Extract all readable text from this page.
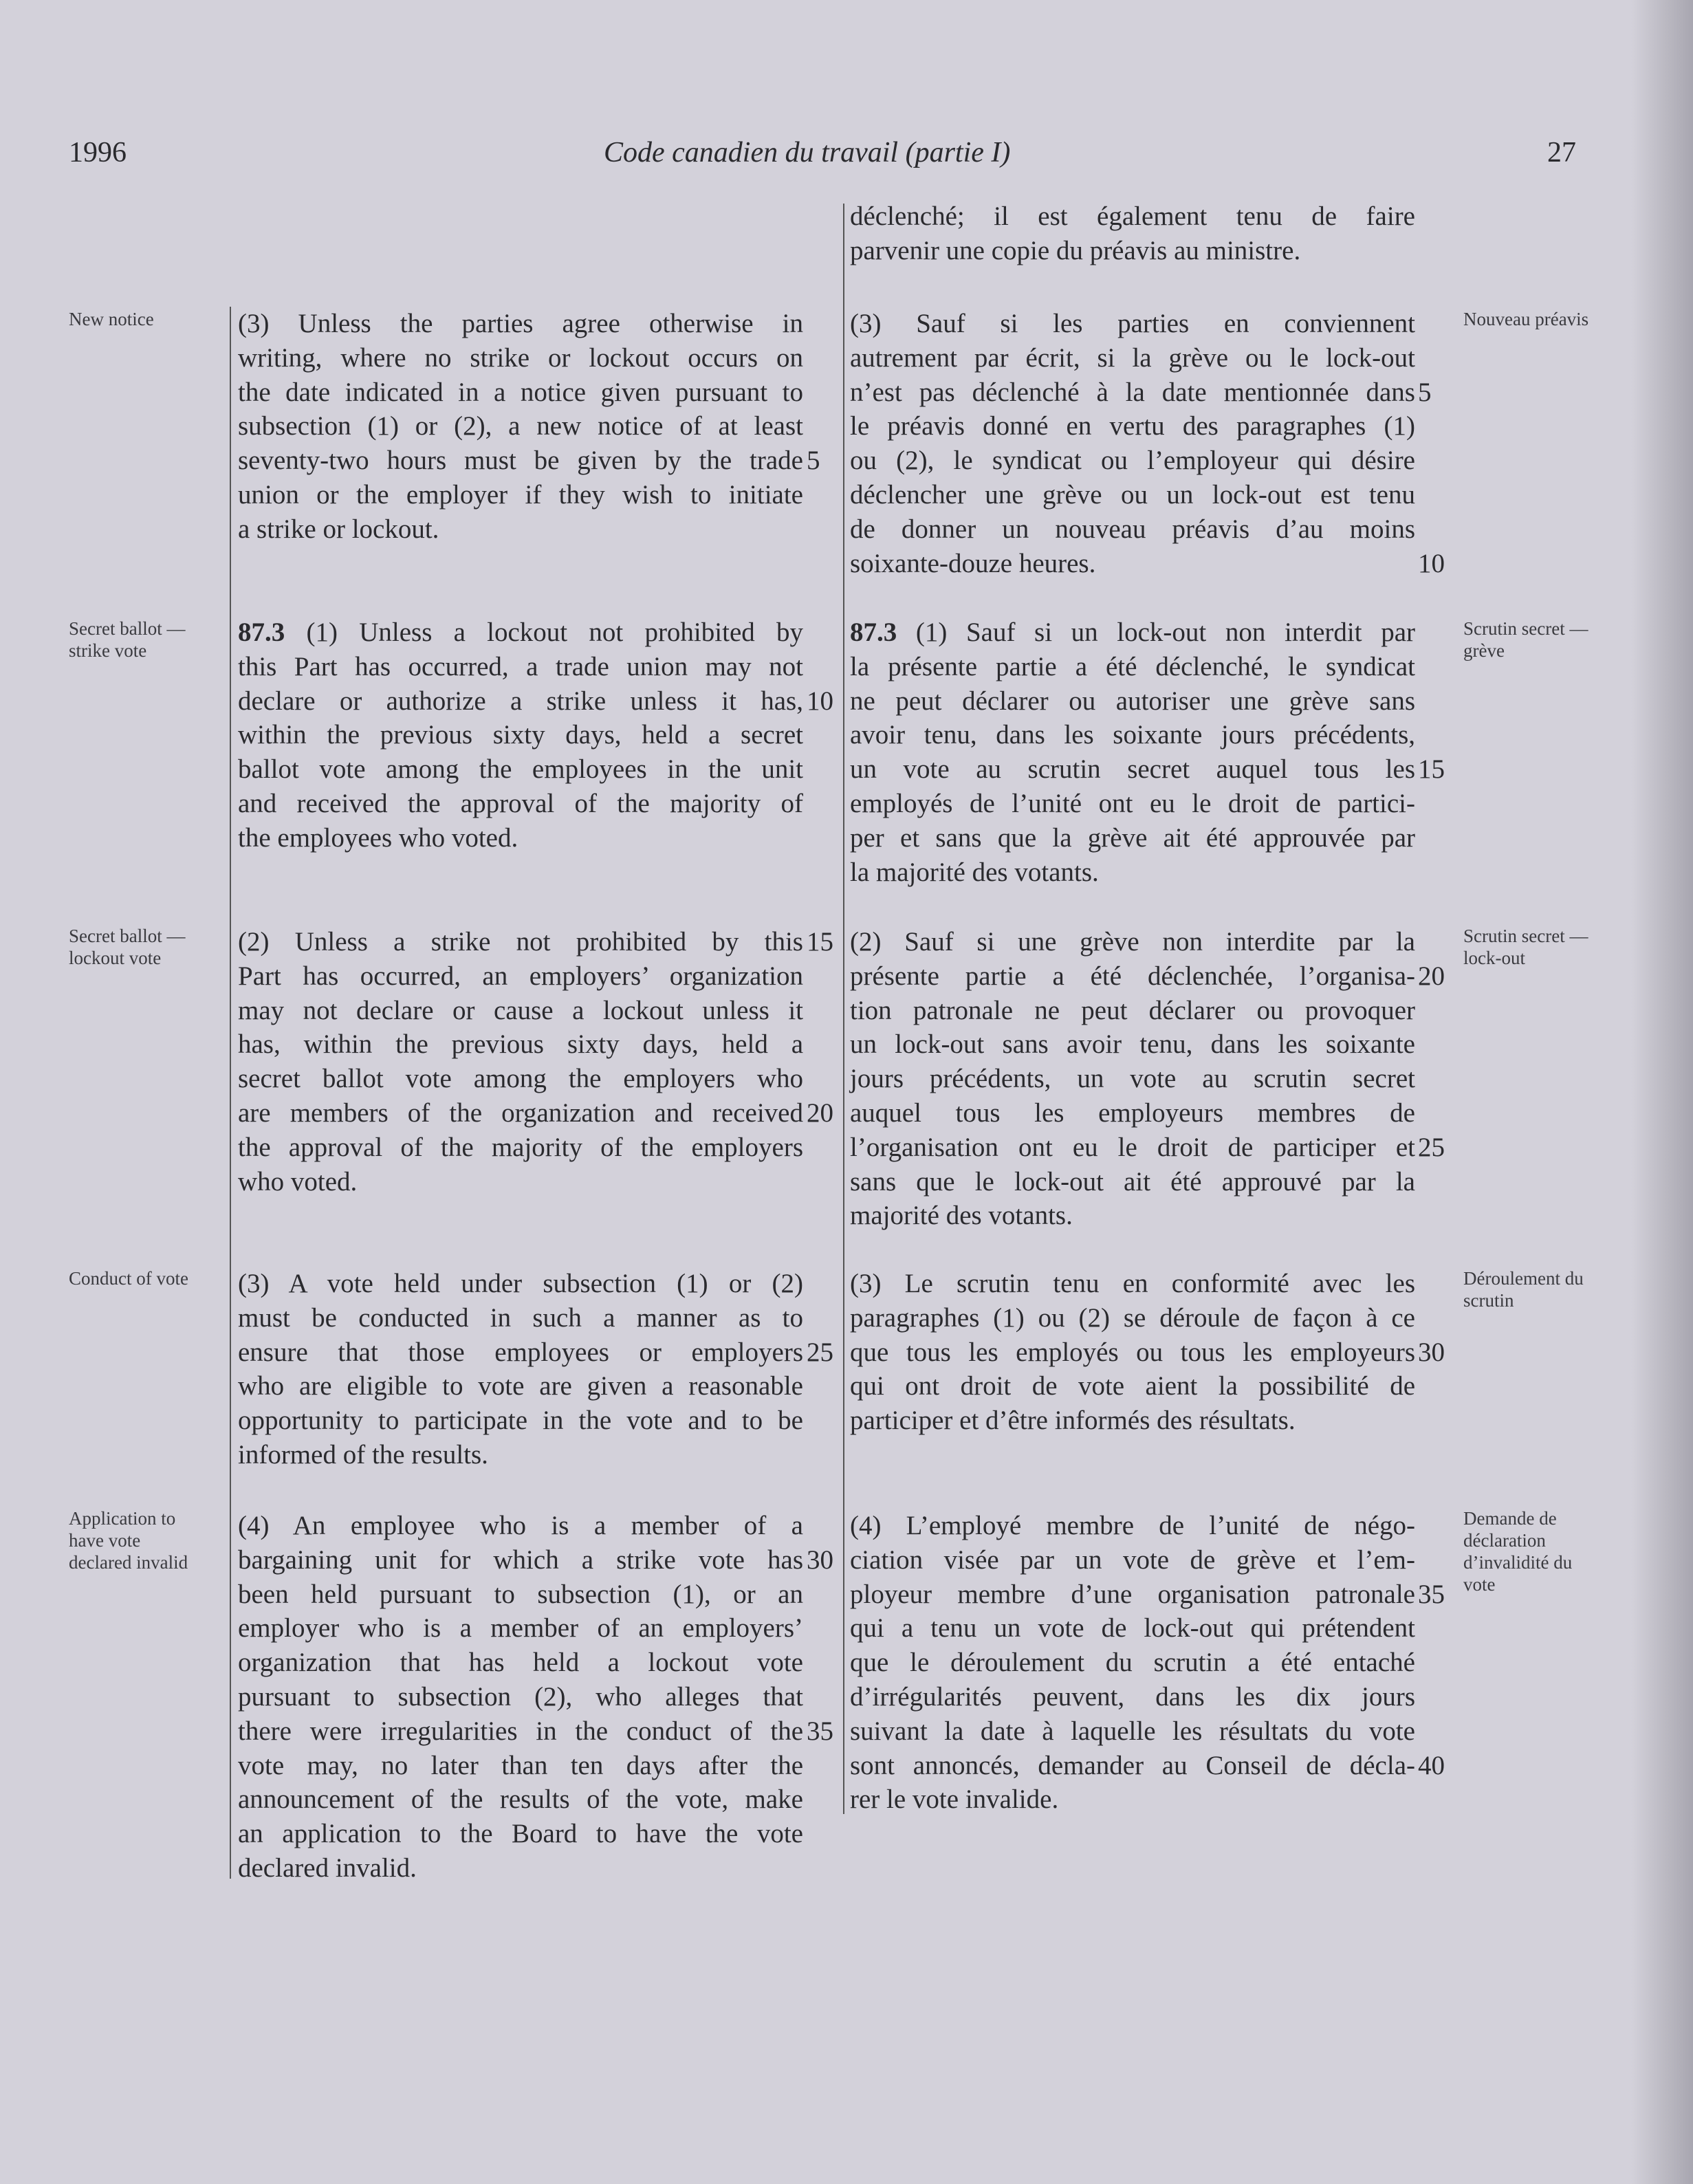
1996	Code canadien du travail (partie I)	27
déclenché; il est également tenu de faire
parvenir une copie du préavis au ministre.
New notice	Nouveau préavis
(3) Unless the parties agree otherwise in
writing, where no strike or lockout occurs on
the date indicated in a notice given pursuant to
subsection (1) or (2), a new notice of at least
seventy-two hours must be given by the trade
union or the employer if they wish to initiate
a strike or lockout.
(3) Sauf si les parties en conviennent
autrement par écrit, si la grève ou le lock-out
n’est pas déclenché à la date mentionnée dans
le préavis donné en vertu des paragraphes (1)
ou (2), le syndicat ou l’employeur qui désire
déclencher une grève ou un lock-out est tenu
de donner un nouveau préavis d’au moins
soixante-douze heures.
5
5
10
Secret ballot — strike vote
Scrutin secret — grève
87.3 (1) Unless a lockout not prohibited by
this Part has occurred, a trade union may not
declare or authorize a strike unless it has,
within the previous sixty days, held a secret
ballot vote among the employees in the unit
and received the approval of the majority of
the employees who voted.
87.3 (1) Sauf si un lock-out non interdit par
la présente partie a été déclenché, le syndicat
ne peut déclarer ou autoriser une grève sans
avoir tenu, dans les soixante jours précédents,
un vote au scrutin secret auquel tous les
employés de l’unité ont eu le droit de partici-
per et sans que la grève ait été approuvée par
la majorité des votants.
10
15
Secret ballot — lockout vote
Scrutin secret — lock-out
(2) Unless a strike not prohibited by this
Part has occurred, an employers’ organization
may not declare or cause a lockout unless it
has, within the previous sixty days, held a
secret ballot vote among the employers who
are members of the organization and received
the approval of the majority of the employers
who voted.
(2) Sauf si une grève non interdite par la
présente partie a été déclenchée, l’organisa-
tion patronale ne peut déclarer ou provoquer
un lock-out sans avoir tenu, dans les soixante
jours précédents, un vote au scrutin secret
auquel tous les employeurs membres de
l’organisation ont eu le droit de participer et
sans que le lock-out ait été approuvé par la
majorité des votants.
15
20
20
25
Conduct of vote	Déroulement du scrutin
(3) A vote held under subsection (1) or (2)
must be conducted in such a manner as to
ensure that those employees or employers
who are eligible to vote are given a reasonable
opportunity to participate in the vote and to be
informed of the results.
(3) Le scrutin tenu en conformité avec les
paragraphes (1) ou (2) se déroule de façon à ce
que tous les employés ou tous les employeurs
qui ont droit de vote aient la possibilité de
participer et d’être informés des résultats.
25	30
Application to have vote declared invalid
Demande de déclaration d’invalidité du vote
(4) An employee who is a member of a
bargaining unit for which a strike vote has
been held pursuant to subsection (1), or an
employer who is a member of an employers’
organization that has held a lockout vote
pursuant to subsection (2), who alleges that
there were irregularities in the conduct of the
vote may, no later than ten days after the
announcement of the results of the vote, make
an application to the Board to have the vote
declared invalid.
(4) L’employé membre de l’unité de négo-
ciation visée par un vote de grève et l’em-
ployeur membre d’une organisation patronale
qui a tenu un vote de lock-out qui prétendent
que le déroulement du scrutin a été entaché
d’irrégularités peuvent, dans les dix jours
suivant la date à laquelle les résultats du vote
sont annoncés, demander au Conseil de décla-
rer le vote invalide.
30
35
35
40
